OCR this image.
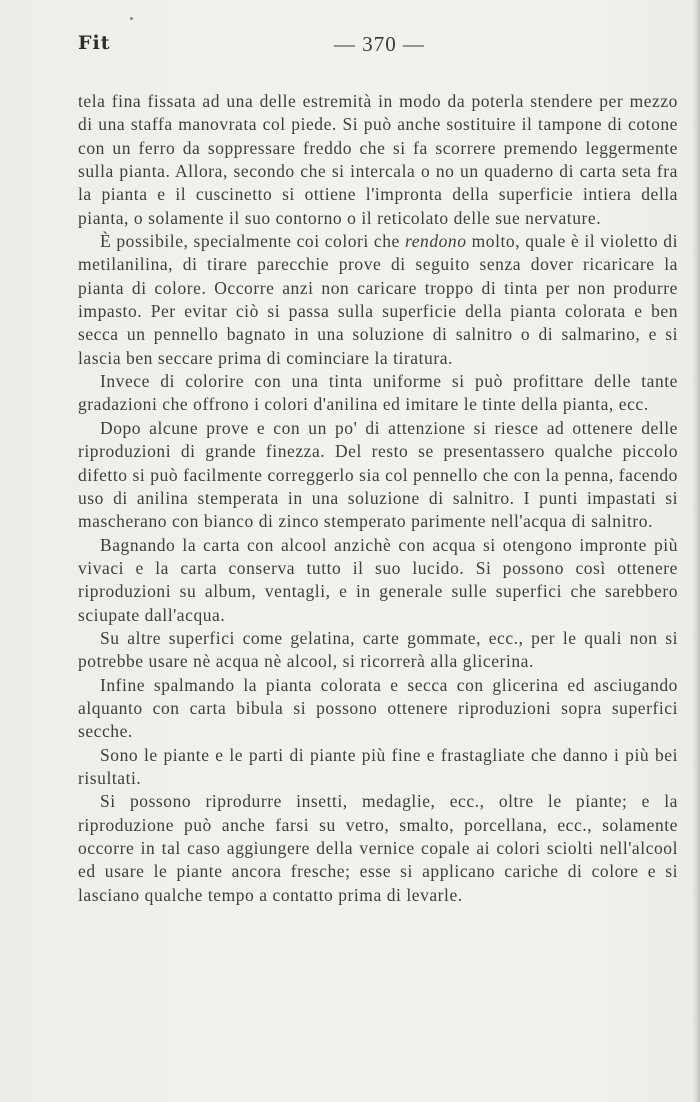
Fit	— 370 —

tela fina fissata ad una delle estremità in modo da poterla stendere per mezzo di una staffa manovrata col piede. Si può anche sostituire il tampone di cotone con un ferro da soppressare freddo che si fa scorrere premendo leggermente sulla pianta. Allora, secondo che si intercala o no un quaderno di carta seta fra la pianta e il cuscinetto si ottiene l'impronta della superficie intiera della pianta, o solamente il suo contorno o il reticolato delle sue nervature.

È possibile, specialmente coi colori che rendono molto, quale è il violetto di metilanilina, di tirare parecchie prove di seguito senza dover ricaricare la pianta di colore. Occorre anzi non caricare troppo di tinta per non produrre impasto. Per evitar ciò si passa sulla superficie della pianta colorata e ben secca un pennello bagnato in una soluzione di salnitro o di salmarino, e si lascia ben seccare prima di cominciare la tiratura.

Invece di colorire con una tinta uniforme si può profittare delle tante gradazioni che offrono i colori d'anilina ed imitare le tinte della pianta, ecc.

Dopo alcune prove e con un po' di attenzione si riesce ad ottenere delle riproduzioni di grande finezza. Del resto se presentassero qualche piccolo difetto si può facilmente correggerlo sia col pennello che con la penna, facendo uso di anilina stemperata in una soluzione di salnitro. I punti impastati si mascherano con bianco di zinco stemperato parimente nell'acqua di salnitro.

Bagnando la carta con alcool anzichè con acqua si otengono impronte più vivaci e la carta conserva tutto il suo lucido. Si possono così ottenere riproduzioni su album, ventagli, e in generale sulle superfici che sarebbero sciupate dall'acqua.

Su altre superfici come gelatina, carte gommate, ecc., per le quali non si potrebbe usare nè acqua nè alcool, si ricorrerà alla glicerina.

Infine spalmando la pianta colorata e secca con glicerina ed asciugando alquanto con carta bibula si possono ottenere riproduzioni sopra superfici secche.

Sono le piante e le parti di piante più fine e frastagliate che danno i più bei risultati.

Si possono riprodurre insetti, medaglie, ecc., oltre le piante; e la riproduzione può anche farsi su vetro, smalto, porcellana, ecc., solamente occorre in tal caso aggiungere della vernice copale ai colori sciolti nell'alcool ed usare le piante ancora fresche; esse si applicano cariche di colore e si lasciano qualche tempo a contatto prima di levarle.
